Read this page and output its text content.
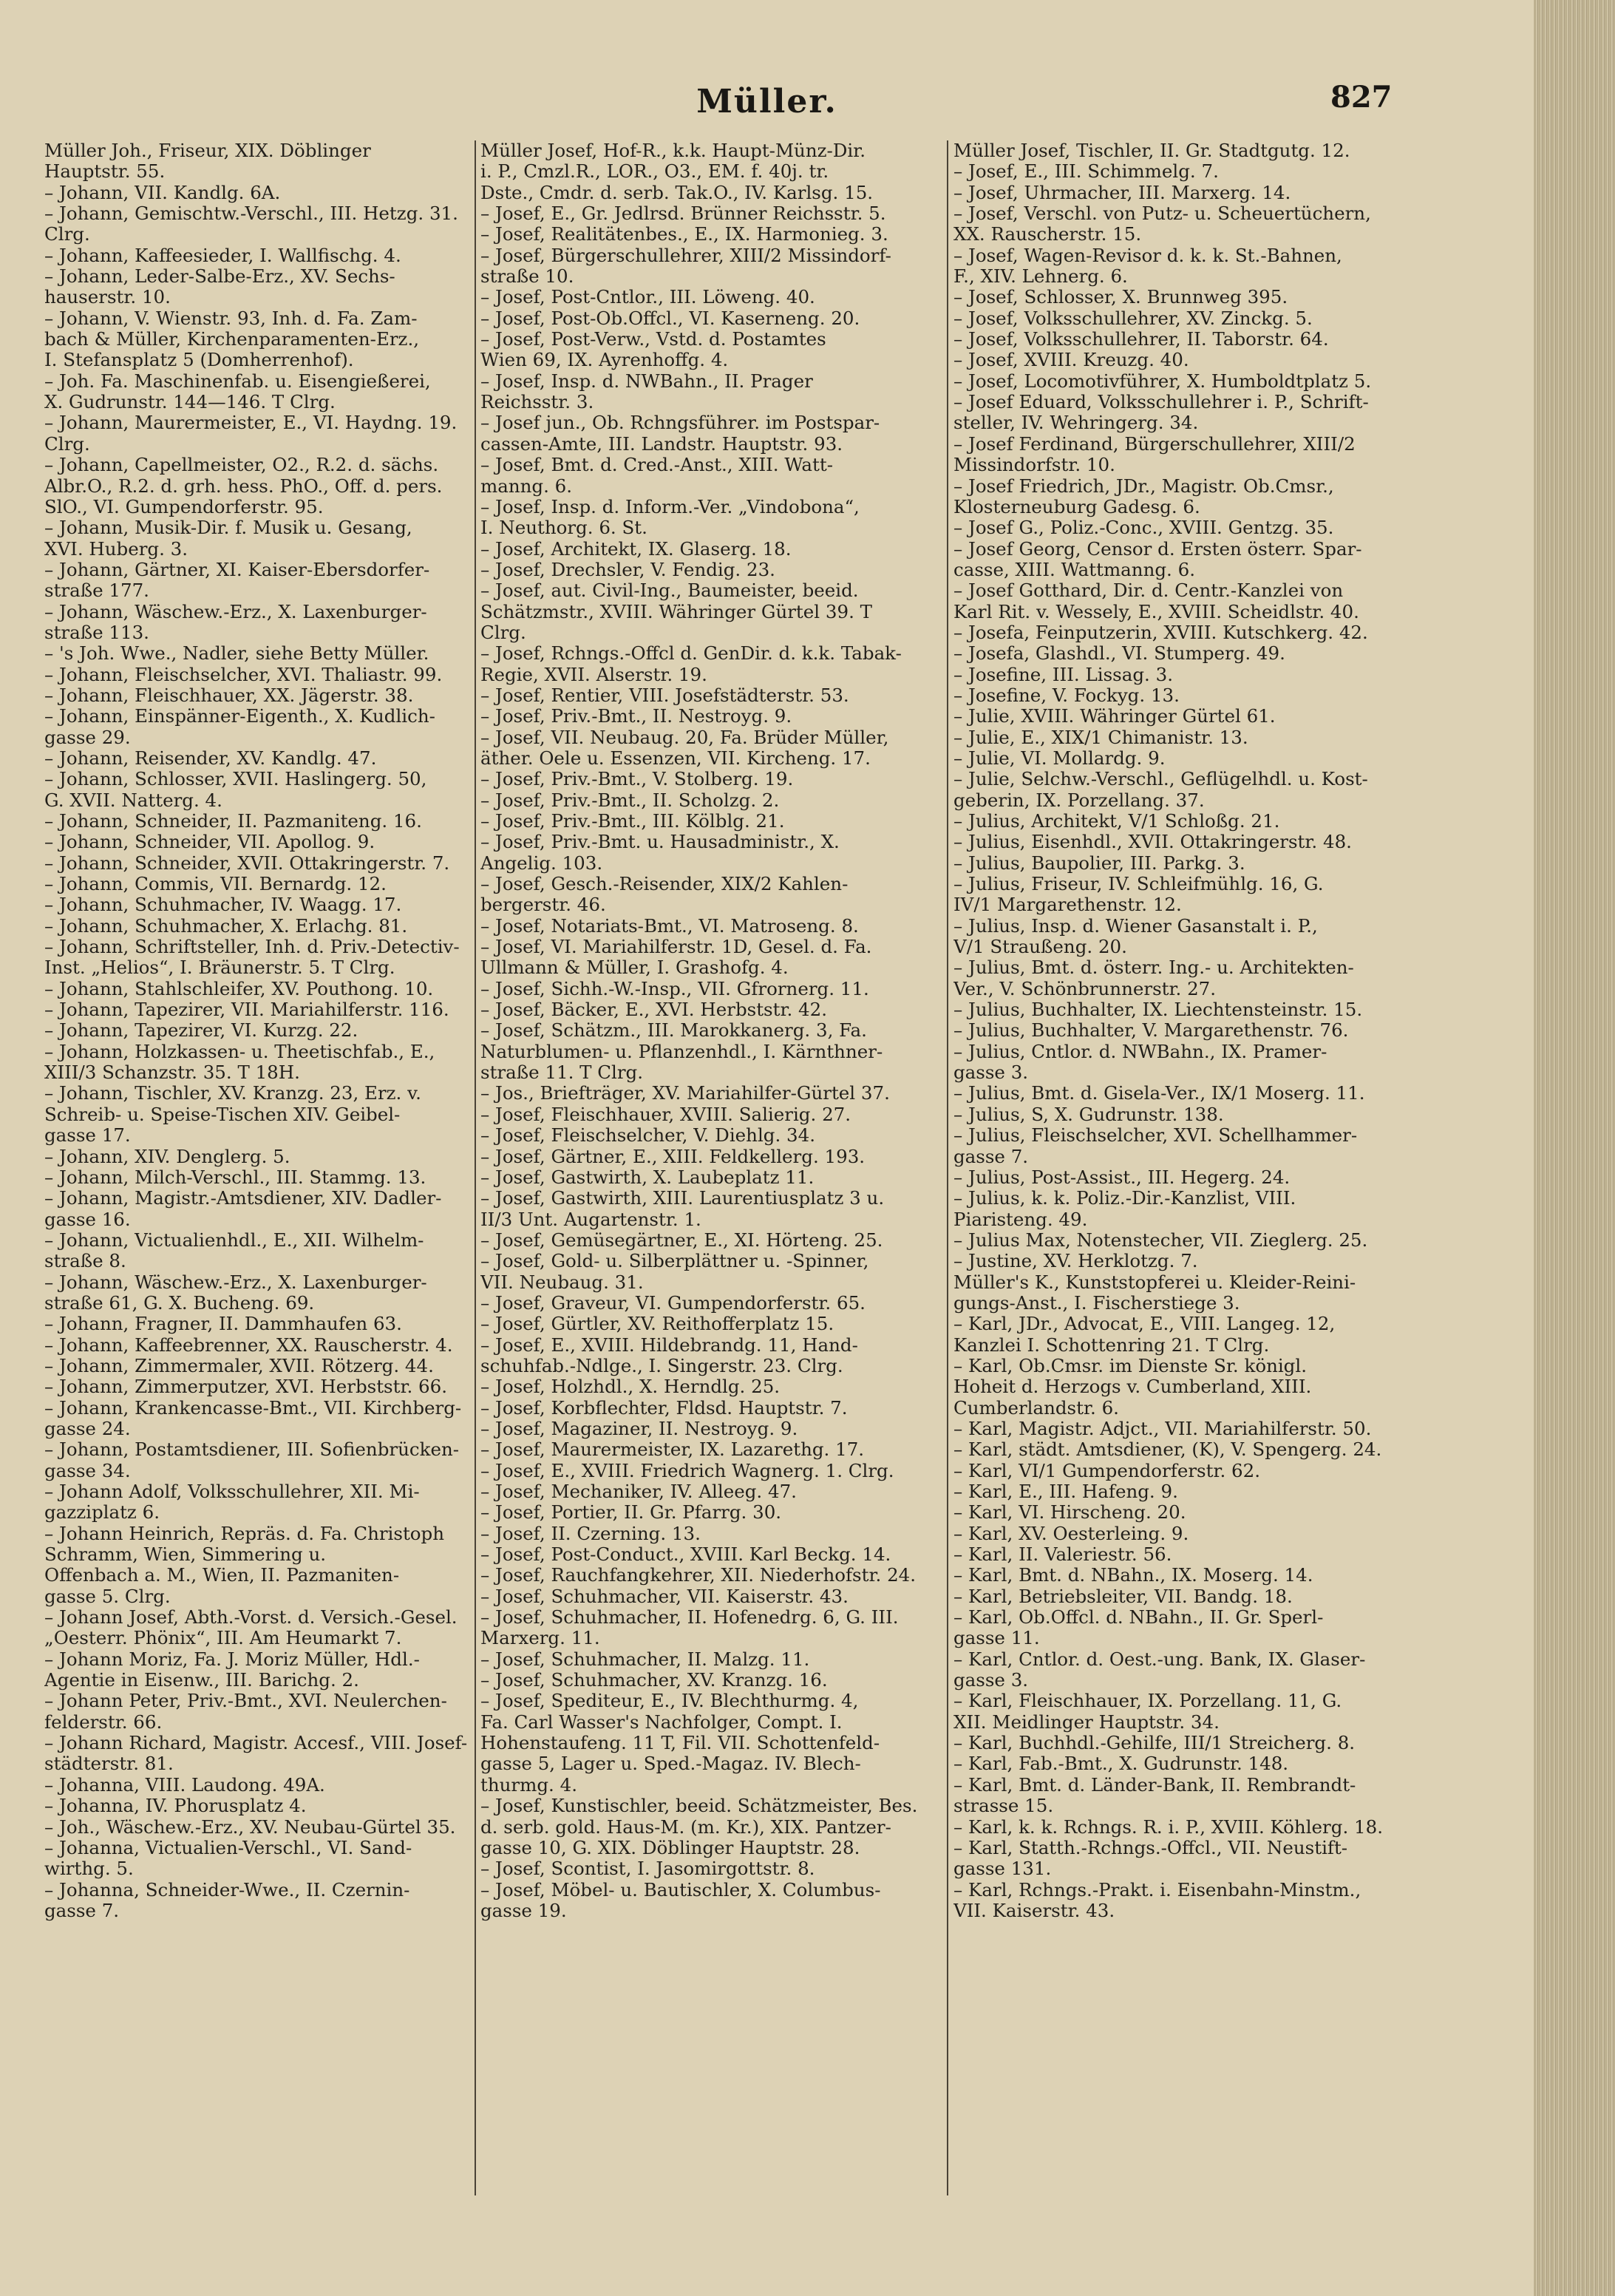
Müller.	827
Müller Joh., Friseur, XIX. Döblinger
Hauptstr. 55.
– Johann, VII. Kandlg. 6A.
– Johann, Gemischtw.-Verschl., III. Hetzg. 31.
Clrg.
– Johann, Kaffeesieder, I. Wallfischg. 4.
– Johann, Leder-Salbe-Erz., XV. Sechs-
hauserstr. 10.
– Johann, V. Wienstr. 93, Inh. d. Fa. Zam-
bach & Müller, Kirchenparamenten-Erz.,
I. Stefansplatz 5 (Domherrenhof).
– Joh. Fa. Maschinenfab. u. Eisengießerei,
X. Gudrunstr. 144—146. T Clrg.
– Johann, Maurermeister, E., VI. Haydng. 19.
Clrg.
– Johann, Capellmeister, O2., R.2. d. sächs.
Albr.O., R.2. d. grh. hess. PhO., Off. d. pers.
SlO., VI. Gumpendorferstr. 95.
– Johann, Musik-Dir. f. Musik u. Gesang,
XVI. Huberg. 3.
– Johann, Gärtner, XI. Kaiser-Ebersdorfer-
straße 177.
– Johann, Wäschew.-Erz., X. Laxenburger-
straße 113.
– 's Joh. Wwe., Nadler, siehe Betty Müller.
– Johann, Fleischselcher, XVI. Thaliastr. 99.
– Johann, Fleischhauer, XX. Jägerstr. 38.
– Johann, Einspänner-Eigenth., X. Kudlich-
gasse 29.
– Johann, Reisender, XV. Kandlg. 47.
– Johann, Schlosser, XVII. Haslingerg. 50,
G. XVII. Natterg. 4.
– Johann, Schneider, II. Pazmaniteng. 16.
– Johann, Schneider, VII. Apollog. 9.
– Johann, Schneider, XVII. Ottakringerstr. 7.
– Johann, Commis, VII. Bernardg. 12.
– Johann, Schuhmacher, IV. Waagg. 17.
– Johann, Schuhmacher, X. Erlachg. 81.
– Johann, Schriftsteller, Inh. d. Priv.-Detectiv-
Inst. „Helios“, I. Bräunerstr. 5. T Clrg.
– Johann, Stahlschleifer, XV. Pouthong. 10.
– Johann, Tapezirer, VII. Mariahilferstr. 116.
– Johann, Tapezirer, VI. Kurzg. 22.
– Johann, Holzkassen- u. Theetischfab., E.,
XIII/3 Schanzstr. 35. T 18H.
– Johann, Tischler, XV. Kranzg. 23, Erz. v.
Schreib- u. Speise-Tischen XIV. Geibel-
gasse 17.
– Johann, XIV. Denglerg. 5.
– Johann, Milch-Verschl., III. Stammg. 13.
– Johann, Magistr.-Amtsdiener, XIV. Dadler-
gasse 16.
– Johann, Victualienhdl., E., XII. Wilhelm-
straße 8.
– Johann, Wäschew.-Erz., X. Laxenburger-
straße 61, G. X. Bucheng. 69.
– Johann, Fragner, II. Dammhaufen 63.
– Johann, Kaffeebrenner, XX. Rauscherstr. 4.
– Johann, Zimmermaler, XVII. Rötzerg. 44.
– Johann, Zimmerputzer, XVI. Herbststr. 66.
– Johann, Krankencasse-Bmt., VII. Kirchberg-
gasse 24.
– Johann, Postamtsdiener, III. Sofienbrücken-
gasse 34.
– Johann Adolf, Volksschullehrer, XII. Mi-
gazziplatz 6.
– Johann Heinrich, Repräs. d. Fa. Christoph
Schramm, Wien, Simmering u.
Offenbach a. M., Wien, II. Pazmaniten-
gasse 5. Clrg.
– Johann Josef, Abth.-Vorst. d. Versich.-Gesel.
„Oesterr. Phönix“, III. Am Heumarkt 7.
– Johann Moriz, Fa. J. Moriz Müller, Hdl.-
Agentie in Eisenw., III. Barichg. 2.
– Johann Peter, Priv.-Bmt., XVI. Neulerchen-
felderstr. 66.
– Johann Richard, Magistr. Accesf., VIII. Josef-
städterstr. 81.
– Johanna, VIII. Laudong. 49A.
– Johanna, IV. Phorusplatz 4.
– Joh., Wäschew.-Erz., XV. Neubau-Gürtel 35.
– Johanna, Victualien-Verschl., VI. Sand-
wirthg. 5.
– Johanna, Schneider-Wwe., II. Czernin-
gasse 7.
Müller Josef, Hof-R., k.k. Haupt-Münz-Dir.
i. P., Cmzl.R., LOR., O3., EM. f. 40j. tr.
Dste., Cmdr. d. serb. Tak.O., IV. Karlsg. 15.
– Josef, E., Gr. Jedlrsd. Brünner Reichsstr. 5.
– Josef, Realitätenbes., E., IX. Harmonieg. 3.
– Josef, Bürgerschullehrer, XIII/2 Missindorf-
straße 10.
– Josef, Post-Cntlor., III. Löweng. 40.
– Josef, Post-Ob.Offcl., VI. Kaserneng. 20.
– Josef, Post-Verw., Vstd. d. Postamtes
Wien 69, IX. Ayrenhoffg. 4.
– Josef, Insp. d. NWBahn., II. Prager
Reichsstr. 3.
– Josef jun., Ob. Rchngsführer. im Postspar-
cassen-Amte, III. Landstr. Hauptstr. 93.
– Josef, Bmt. d. Cred.-Anst., XIII. Watt-
manng. 6.
– Josef, Insp. d. Inform.-Ver. „Vindobona“,
I. Neuthorg. 6. St.
– Josef, Architekt, IX. Glaserg. 18.
– Josef, Drechsler, V. Fendig. 23.
– Josef, aut. Civil-Ing., Baumeister, beeid.
Schätzmstr., XVIII. Währinger Gürtel 39. T
Clrg.
– Josef, Rchngs.-Offcl d. GenDir. d. k.k. Tabak-
Regie, XVII. Alserstr. 19.
– Josef, Rentier, VIII. Josefstädterstr. 53.
– Josef, Priv.-Bmt., II. Nestroyg. 9.
– Josef, VII. Neubaug. 20, Fa. Brüder Müller,
äther. Oele u. Essenzen, VII. Kircheng. 17.
– Josef, Priv.-Bmt., V. Stolberg. 19.
– Josef, Priv.-Bmt., II. Scholzg. 2.
– Josef, Priv.-Bmt., III. Kölblg. 21.
– Josef, Priv.-Bmt. u. Hausadministr., X.
Angelig. 103.
– Josef, Gesch.-Reisender, XIX/2 Kahlen-
bergerstr. 46.
– Josef, Notariats-Bmt., VI. Matroseng. 8.
– Josef, VI. Mariahilferstr. 1D, Gesel. d. Fa.
Ullmann & Müller, I. Grashofg. 4.
– Josef, Sichh.-W.-Insp., VII. Gfrornerg. 11.
– Josef, Bäcker, E., XVI. Herbststr. 42.
– Josef, Schätzm., III. Marokkanerg. 3, Fa.
Naturblumen- u. Pflanzenhdl., I. Kärnthner-
straße 11. T Clrg.
– Jos., Briefträger, XV. Mariahilfer-Gürtel 37.
– Josef, Fleischhauer, XVIII. Salierig. 27.
– Josef, Fleischselcher, V. Diehlg. 34.
– Josef, Gärtner, E., XIII. Feldkellerg. 193.
– Josef, Gastwirth, X. Laubeplatz 11.
– Josef, Gastwirth, XIII. Laurentiusplatz 3 u.
II/3 Unt. Augartenstr. 1.
– Josef, Gemüsegärtner, E., XI. Hörteng. 25.
– Josef, Gold- u. Silberplättner u. -Spinner,
VII. Neubaug. 31.
– Josef, Graveur, VI. Gumpendorferstr. 65.
– Josef, Gürtler, XV. Reithofferplatz 15.
– Josef, E., XVIII. Hildebrandg. 11, Hand-
schuhfab.-Ndlge., I. Singerstr. 23. Clrg.
– Josef, Holzhdl., X. Herndlg. 25.
– Josef, Korbflechter, Fldsd. Hauptstr. 7.
– Josef, Magaziner, II. Nestroyg. 9.
– Josef, Maurermeister, IX. Lazarethg. 17.
– Josef, E., XVIII. Friedrich Wagnerg. 1. Clrg.
– Josef, Mechaniker, IV. Alleeg. 47.
– Josef, Portier, II. Gr. Pfarrg. 30.
– Josef, II. Czerning. 13.
– Josef, Post-Conduct., XVIII. Karl Beckg. 14.
– Josef, Rauchfangkehrer, XII. Niederhofstr. 24.
– Josef, Schuhmacher, VII. Kaiserstr. 43.
– Josef, Schuhmacher, II. Hofenedrg. 6, G. III.
Marxerg. 11.
– Josef, Schuhmacher, II. Malzg. 11.
– Josef, Schuhmacher, XV. Kranzg. 16.
– Josef, Spediteur, E., IV. Blechthurmg. 4,
Fa. Carl Wasser's Nachfolger, Compt. I.
Hohenstaufeng. 11 T, Fil. VII. Schottenfeld-
gasse 5, Lager u. Sped.-Magaz. IV. Blech-
thurmg. 4.
– Josef, Kunstischler, beeid. Schätzmeister, Bes.
d. serb. gold. Haus-M. (m. Kr.), XIX. Pantzer-
gasse 10, G. XIX. Döblinger Hauptstr. 28.
– Josef, Scontist, I. Jasomirgottstr. 8.
– Josef, Möbel- u. Bautischler, X. Columbus-
gasse 19.
Müller Josef, Tischler, II. Gr. Stadtgutg. 12.
– Josef, E., III. Schimmelg. 7.
– Josef, Uhrmacher, III. Marxerg. 14.
– Josef, Verschl. von Putz- u. Scheuertüchern,
XX. Rauscherstr. 15.
– Josef, Wagen-Revisor d. k. k. St.-Bahnen,
F., XIV. Lehnerg. 6.
– Josef, Schlosser, X. Brunnweg 395.
– Josef, Volksschullehrer, XV. Zinckg. 5.
– Josef, Volksschullehrer, II. Taborstr. 64.
– Josef, XVIII. Kreuzg. 40.
– Josef, Locomotivführer, X. Humboldtplatz 5.
– Josef Eduard, Volksschullehrer i. P., Schrift-
steller, IV. Wehringerg. 34.
– Josef Ferdinand, Bürgerschullehrer, XIII/2
Missindorfstr. 10.
– Josef Friedrich, JDr., Magistr. Ob.Cmsr.,
Klosterneuburg Gadesg. 6.
– Josef G., Poliz.-Conc., XVIII. Gentzg. 35.
– Josef Georg, Censor d. Ersten österr. Spar-
casse, XIII. Wattmanng. 6.
– Josef Gotthard, Dir. d. Centr.-Kanzlei von
Karl Rit. v. Wessely, E., XVIII. Scheidlstr. 40.
– Josefa, Feinputzerin, XVIII. Kutschkerg. 42.
– Josefa, Glashdl., VI. Stumperg. 49.
– Josefine, III. Lissag. 3.
– Josefine, V. Fockyg. 13.
– Julie, XVIII. Währinger Gürtel 61.
– Julie, E., XIX/1 Chimanistr. 13.
– Julie, VI. Mollardg. 9.
– Julie, Selchw.-Verschl., Geflügelhdl. u. Kost-
geberin, IX. Porzellang. 37.
– Julius, Architekt, V/1 Schloßg. 21.
– Julius, Eisenhdl., XVII. Ottakringerstr. 48.
– Julius, Baupolier, III. Parkg. 3.
– Julius, Friseur, IV. Schleifmühlg. 16, G.
IV/1 Margarethenstr. 12.
– Julius, Insp. d. Wiener Gasanstalt i. P.,
V/1 Straußeng. 20.
– Julius, Bmt. d. österr. Ing.- u. Architekten-
Ver., V. Schönbrunnerstr. 27.
– Julius, Buchhalter, IX. Liechtensteinstr. 15.
– Julius, Buchhalter, V. Margarethenstr. 76.
– Julius, Cntlor. d. NWBahn., IX. Pramer-
gasse 3.
– Julius, Bmt. d. Gisela-Ver., IX/1 Moserg. 11.
– Julius, S, X. Gudrunstr. 138.
– Julius, Fleischselcher, XVI. Schellhammer-
gasse 7.
– Julius, Post-Assist., III. Hegerg. 24.
– Julius, k. k. Poliz.-Dir.-Kanzlist, VIII.
Piaristeng. 49.
– Julius Max, Notenstecher, VII. Zieglerg. 25.
– Justine, XV. Herklotzg. 7.
Müller's K., Kunststopferei u. Kleider-Reini-
gungs-Anst., I. Fischerstiege 3.
– Karl, JDr., Advocat, E., VIII. Langeg. 12,
Kanzlei I. Schottenring 21. T Clrg.
– Karl, Ob.Cmsr. im Dienste Sr. königl.
Hoheit d. Herzogs v. Cumberland, XIII.
Cumberlandstr. 6.
– Karl, Magistr. Adjct., VII. Mariahilferstr. 50.
– Karl, städt. Amtsdiener, (K), V. Spengerg. 24.
– Karl, VI/1 Gumpendorferstr. 62.
– Karl, E., III. Hafeng. 9.
– Karl, VI. Hirscheng. 20.
– Karl, XV. Oesterleing. 9.
– Karl, II. Valeriestr. 56.
– Karl, Bmt. d. NBahn., IX. Moserg. 14.
– Karl, Betriebsleiter, VII. Bandg. 18.
– Karl, Ob.Offcl. d. NBahn., II. Gr. Sperl-
gasse 11.
– Karl, Cntlor. d. Oest.-ung. Bank, IX. Glaser-
gasse 3.
– Karl, Fleischhauer, IX. Porzellang. 11, G.
XII. Meidlinger Hauptstr. 34.
– Karl, Buchhdl.-Gehilfe, III/1 Streicherg. 8.
– Karl, Fab.-Bmt., X. Gudrunstr. 148.
– Karl, Bmt. d. Länder-Bank, II. Rembrandt-
strasse 15.
– Karl, k. k. Rchngs. R. i. P., XVIII. Köhlerg. 18.
– Karl, Statth.-Rchngs.-Offcl., VII. Neustift-
gasse 131.
– Karl, Rchngs.-Prakt. i. Eisenbahn-Minstm.,
VII. Kaiserstr. 43.
